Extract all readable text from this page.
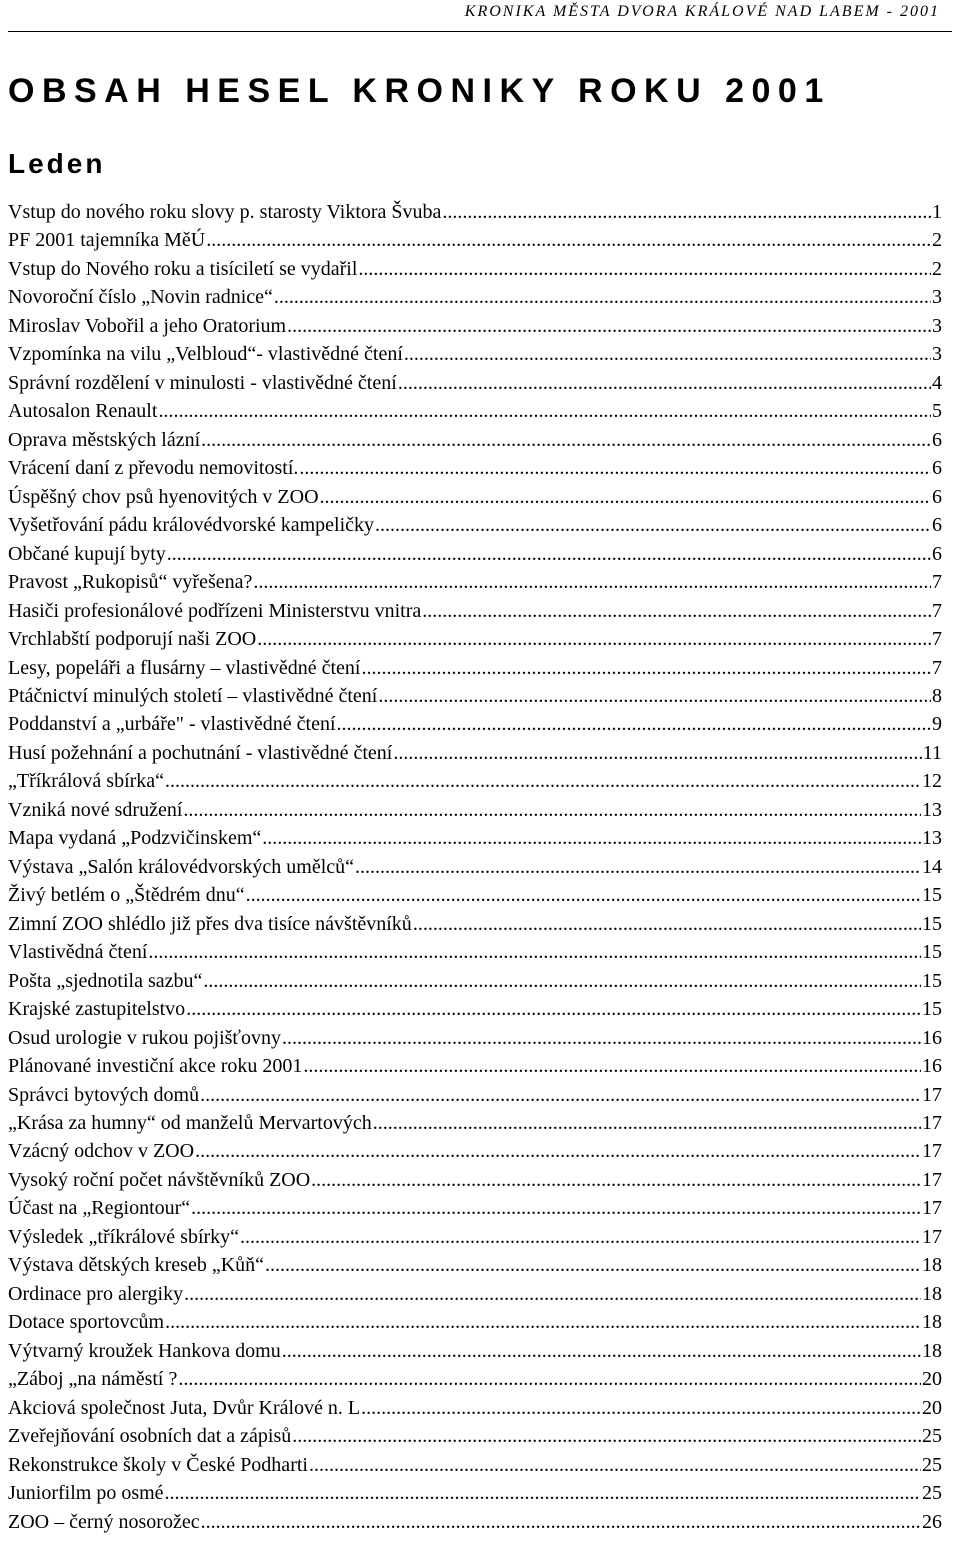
KRONIKA MĚSTA DVORA KRÁLOVÉ NAD LABEM - 2001
OBSAH HESEL KRONIKY ROKU 2001
Leden
Vstup do nového roku slovy p. starosty Viktora Švuba .....	1
PF 2001 tajemníka MěÚ .....	2
Vstup do Nového roku a tisíciletí se vydařil .....	2
Novoroční číslo „Novin radnice“ .....	3
Miroslav Vobořil a jeho Oratorium .....	3
Vzpomínka na vilu „Velbloud“- vlastivědné čtení .....	3
Správní rozdělení v minulosti - vlastivědné čtení .....	4
Autosalon Renault .....	5
Oprava městských lázní .....	6
Vrácení daní z převodu nemovitostí. .....	6
Úspěšný chov psů hyenovitých v ZOO .....	6
Vyšetřování pádu královédvorské kampeličky .....	6
Občané kupují byty .....	6
Pravost „Rukopisů“ vyřešena? .....	7
Hasiči profesionálové podřízeni Ministerstvu vnitra .....	7
Vrchlabští podporují naši ZOO .....	7
Lesy, popeláři a flusárny – vlastivědné čtení .....	7
Ptáčnictví minulých století – vlastivědné čtení .....	8
Poddanství a „urbáře" - vlastivědné čtení .....	9
Husí požehnání a pochutnání - vlastivědné čtení .....	11
„Tříkrálová sbírka“ .....	12
Vzniká nové sdružení .....	13
Mapa vydaná „Podzvičinskem“ .....	13
Výstava „Salón královédvorských umělců“ .....	14
Živý betlém o „Štědrém dnu“ .....	15
Zimní ZOO shlédlo již přes dva tisíce návštěvníků .....	15
Vlastivědná čtení .....	15
Pošta „sjednotila sazbu“ .....	15
Krajské zastupitelstvo .....	15
Osud urologie v rukou pojišťovny .....	16
Plánované investiční akce roku 2001 .....	16
Správci bytových domů .....	17
„Krása za humny“ od manželů Mervartových .....	17
Vzácný odchov v ZOO .....	17
Vysoký roční počet návštěvníků ZOO .....	17
Účast na „Regiontour“ .....	17
Výsledek „tříkrálové sbírky“ .....	17
Výstava dětských kreseb „Kůň“ .....	18
Ordinace pro alergiky .....	18
Dotace sportovcům .....	18
Výtvarný kroužek Hankova domu .....	18
„Záboj „na náměstí ? .....	20
Akciová společnost Juta, Dvůr Králové n. L .....	20
Zveřejňování osobních dat a zápisů .....	25
Rekonstrukce školy v České Podharti .....	25
Juniorfilm po osmé .....	25
ZOO – černý nosorožec .....	26
